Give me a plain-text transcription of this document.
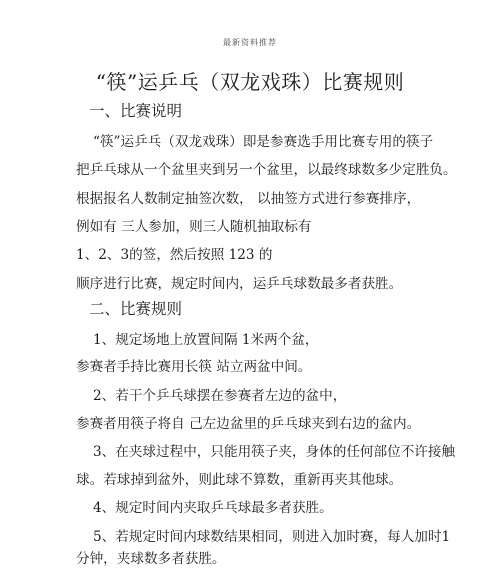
最新资料推荐
“筷”运乒乓（双龙戏珠）比赛规则
一、比赛说明
“筷”运乒乓（双龙戏珠）即是参赛选手用比赛专用的筷子
把乒乓球从一个盆里夹到另一个盆里，以最终球数多少定胜负。
根据报名人数制定抽签次数， 以抽签方式进行参赛排序，
例如有 三人参加，则三人随机抽取标有
1、2、3的签，然后按照 123 的
顺序进行比赛，规定时间内，运乒乓球数最多者获胜。
二、比赛规则
1、规定场地上放置间隔 1米两个盆，
参赛者手持比赛用长筷 站立两盆中间。
2、若干个乒乓球摆在参赛者左边的盆中，
参赛者用筷子将自 己左边盆里的乒乓球夹到右边的盆内。
3、在夹球过程中，只能用筷子夹，身体的任何部位不许接触
球。若球掉到盆外，则此球不算数，重新再夹其他球。
4、规定时间内夹取乒乓球最多者获胜。
5、若规定时间内球数结果相同，则进入加时赛，每人加时1
分钟，夹球数多者获胜。
